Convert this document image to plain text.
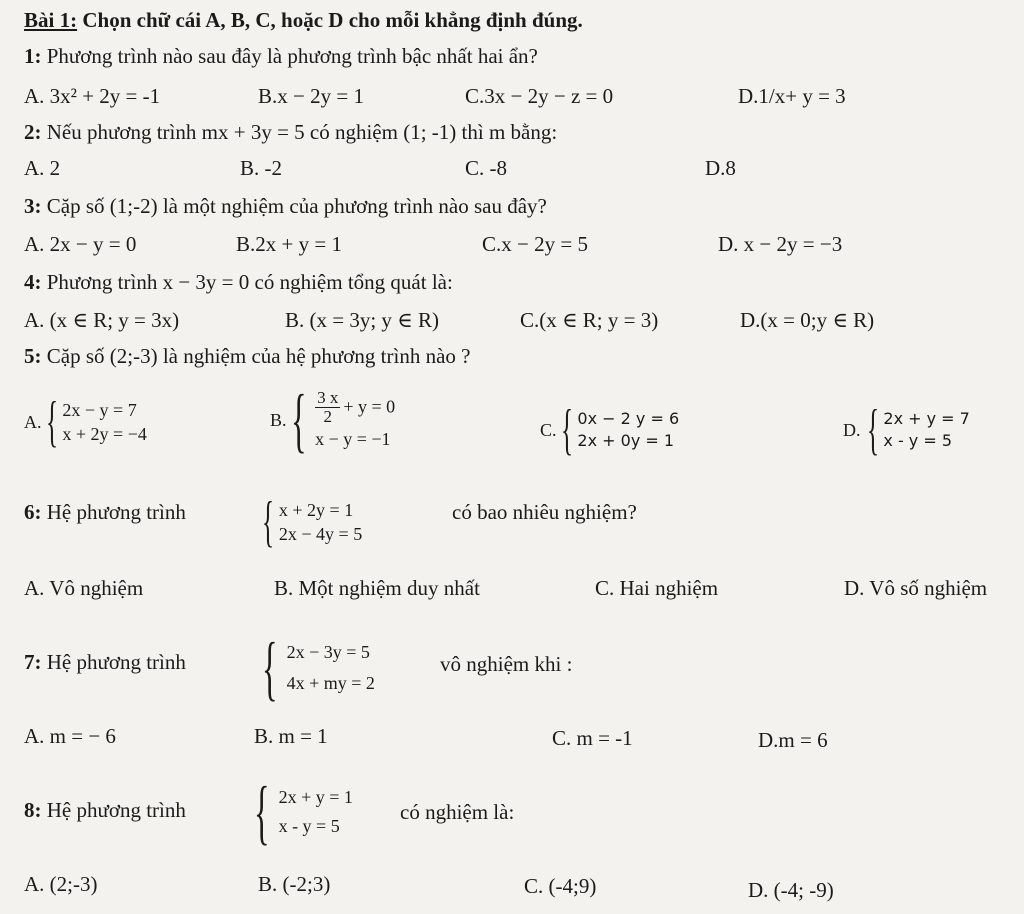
Bài 1: Chọn chữ cái A, B, C, hoặc D cho mỗi khẳng định đúng.
1: Phương trình nào sau đây là phương trình bậc nhất hai ẩn?
A. 3x² + 2y = -1	B.x − 2y = 1	C.3x − 2y − z = 0	D.1/x+ y = 3
2: Nếu phương trình mx + 3y = 5 có nghiệm (1; -1) thì m bằng:
A. 2	B. -2	C. -8	D.8
3: Cặp số (1;-2) là một nghiệm của phương trình nào sau đây?
A. 2x − y = 0	B.2x + y = 1	C.x − 2y = 5	D. x − 2y = −3
4: Phương trình x − 3y = 0 có nghiệm tổng quát là:
A. (x ∈ R; y = 3x)	B. (x = 3y; y ∈ R)	C.(x ∈ R; y = 3)	D.(x = 0;y ∈ R)
5: Cặp số (2;-3) là nghiệm của hệ phương trình nào ?
A. { 2x − y = 7
x + 2y = −4
B. { $\frac{3 x}{2} + y = 0$
x − y = −1	C. { 0x − 2 y = 6
2x + 0y = 1
D. { 2x + y = 7
x - y = 5
6: Hệ phương trình { x + 2y = 1
2x − 4y = 5
có bao nhiêu nghiệm?
A. Vô nghiệm	B. Một nghiệm duy nhất	C. Hai nghiệm	D. Vô số nghiệm
7: Hệ phương trình { 2x − 3y = 5
4x + my = 2
vô nghiệm khi :
A. m = − 6	B. m = 1	C. m = -1	D.m = 6
8: Hệ phương trình { 2x + y = 1
x - y = 5
có nghiệm là:
A. (2;-3)	B. (-2;3)	C. (-4;9)	D. (-4; -9)
